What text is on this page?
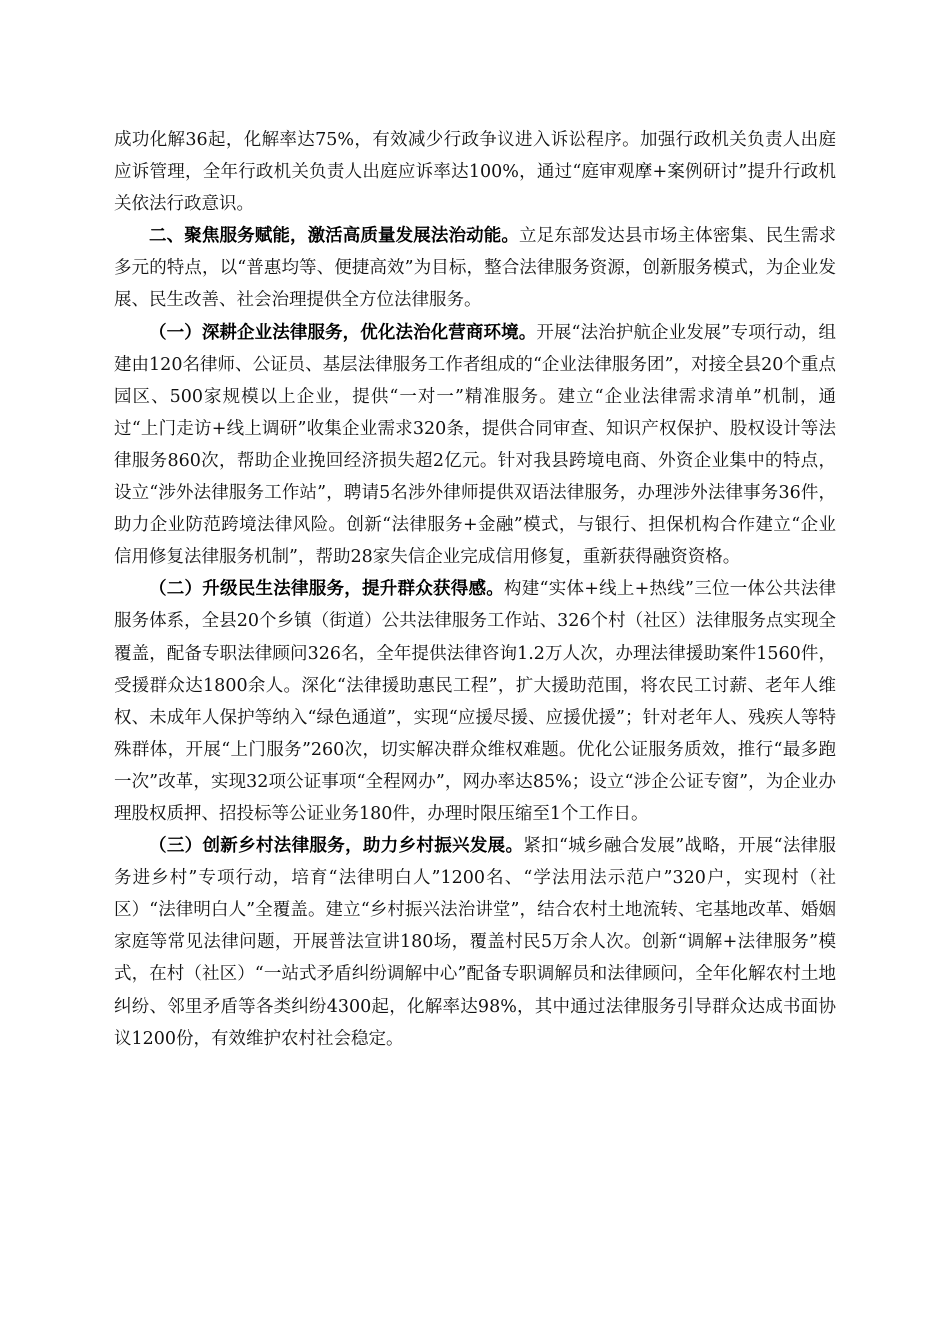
成功化解36起，化解率达75%，有效减少行政争议进入诉讼程序。加强行政机关负责人出庭应诉管理，全年行政机关负责人出庭应诉率达100%，通过“庭审观摩+案例研讨”提升行政机关依法行政意识。

二、聚焦服务赋能，激活高质量发展法治动能。立足东部发达县市场主体密集、民生需求多元的特点，以“普惠均等、便捷高效”为目标，整合法律服务资源，创新服务模式，为企业发展、民生改善、社会治理提供全方位法律服务。

（一）深耕企业法律服务，优化法治化营商环境。开展“法治护航企业发展”专项行动，组建由120名律师、公证员、基层法律服务工作者组成的“企业法律服务团”，对接全县20个重点园区、500家规模以上企业，提供“一对一”精准服务。建立“企业法律需求清单”机制，通过“上门走访+线上调研”收集企业需求320条，提供合同审查、知识产权保护、股权设计等法律服务860次，帮助企业挽回经济损失超2亿元。针对我县跨境电商、外资企业集中的特点，设立“涉外法律服务工作站”，聘请5名涉外律师提供双语法律服务，办理涉外法律事务36件，助力企业防范跨境法律风险。创新“法律服务+金融”模式，与银行、担保机构合作建立“企业信用修复法律服务机制”，帮助28家失信企业完成信用修复，重新获得融资资格。

（二）升级民生法律服务，提升群众获得感。构建“实体+线上+热线”三位一体公共法律服务体系，全县20个乡镇（街道）公共法律服务工作站、326个村（社区）法律服务点实现全覆盖，配备专职法律顾问326名，全年提供法律咨询1.2万人次，办理法律援助案件1560件，受援群众达1800余人。深化“法律援助惠民工程”，扩大援助范围，将农民工讨薪、老年人维权、未成年人保护等纳入“绿色通道”，实现“应援尽援、应援优援”；针对老年人、残疾人等特殊群体，开展“上门服务”260次，切实解决群众维权难题。优化公证服务质效，推行“最多跑一次”改革，实现32项公证事项“全程网办”，网办率达85%；设立“涉企公证专窗”，为企业办理股权质押、招投标等公证业务180件，办理时限压缩至1个工作日。

（三）创新乡村法律服务，助力乡村振兴发展。紧扣“城乡融合发展”战略，开展“法律服务进乡村”专项行动，培育“法律明白人”1200名、“学法用法示范户”320户，实现村（社区）“法律明白人”全覆盖。建立“乡村振兴法治讲堂”，结合农村土地流转、宅基地改革、婚姻家庭等常见法律问题，开展普法宣讲180场，覆盖村民5万余人次。创新“调解+法律服务”模式，在村（社区）“一站式矛盾纠纷调解中心”配备专职调解员和法律顾问，全年化解农村土地纠纷、邻里矛盾等各类纠纷4300起，化解率达98%，其中通过法律服务引导群众达成书面协议1200份，有效维护农村社会稳定。
